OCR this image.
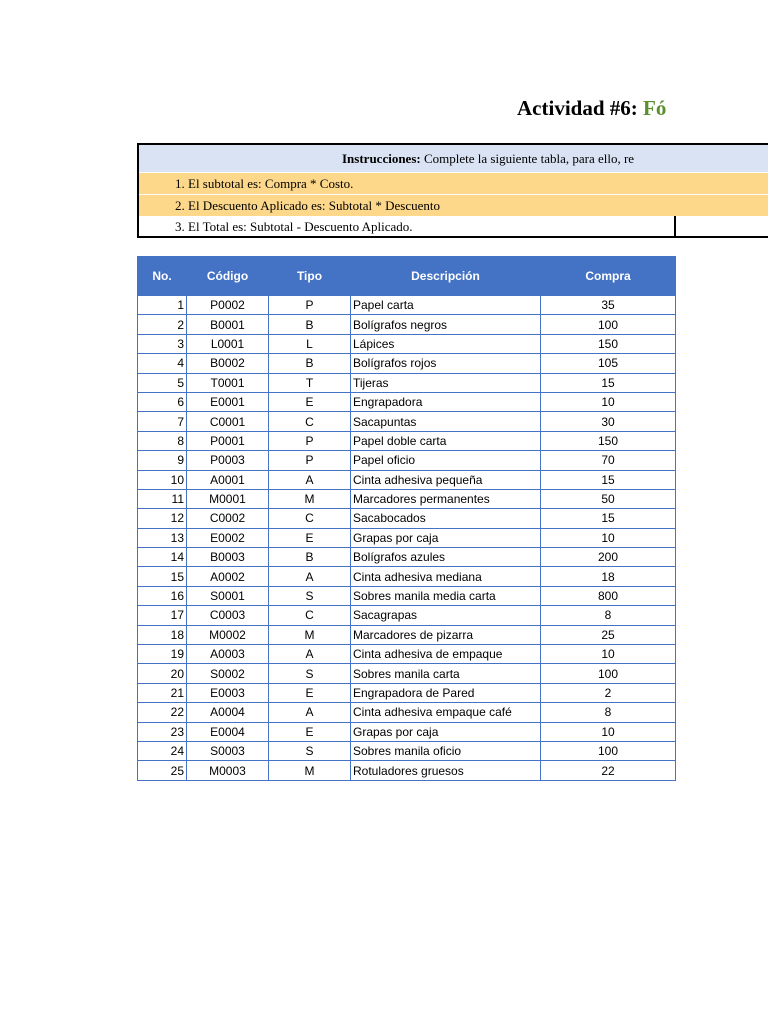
Actividad #6: Fó
Instrucciones: Complete la siguiente tabla, para ello, re
1. El subtotal es: Compra * Costo.
2. El Descuento Aplicado es: Subtotal * Descuento
3. El Total es: Subtotal - Descuento Aplicado.
No.	Código	Tipo	Descripción	Compra
1	P0002	P	Papel carta	35
2	B0001	B	Bolígrafos negros	100
3	L0001	L	Lápices	150
4	B0002	B	Bolígrafos rojos	105
5	T0001	T	Tijeras	15
6	E0001	E	Engrapadora	10
7	C0001	C	Sacapuntas	30
8	P0001	P	Papel doble carta	150
9	P0003	P	Papel oficio	70
10	A0001	A	Cinta adhesiva pequeña	15
11	M0001	M	Marcadores permanentes	50
12	C0002	C	Sacabocados	15
13	E0002	E	Grapas por caja	10
14	B0003	B	Bolígrafos azules	200
15	A0002	A	Cinta adhesiva mediana	18
16	S0001	S	Sobres manila media carta	800
17	C0003	C	Sacagrapas	8
18	M0002	M	Marcadores de pizarra	25
19	A0003	A	Cinta adhesiva de empaque	10
20	S0002	S	Sobres manila carta	100
21	E0003	E	Engrapadora de Pared	2
22	A0004	A	Cinta adhesiva empaque café	8
23	E0004	E	Grapas por caja	10
24	S0003	S	Sobres manila oficio	100
25	M0003	M	Rotuladores gruesos	22
